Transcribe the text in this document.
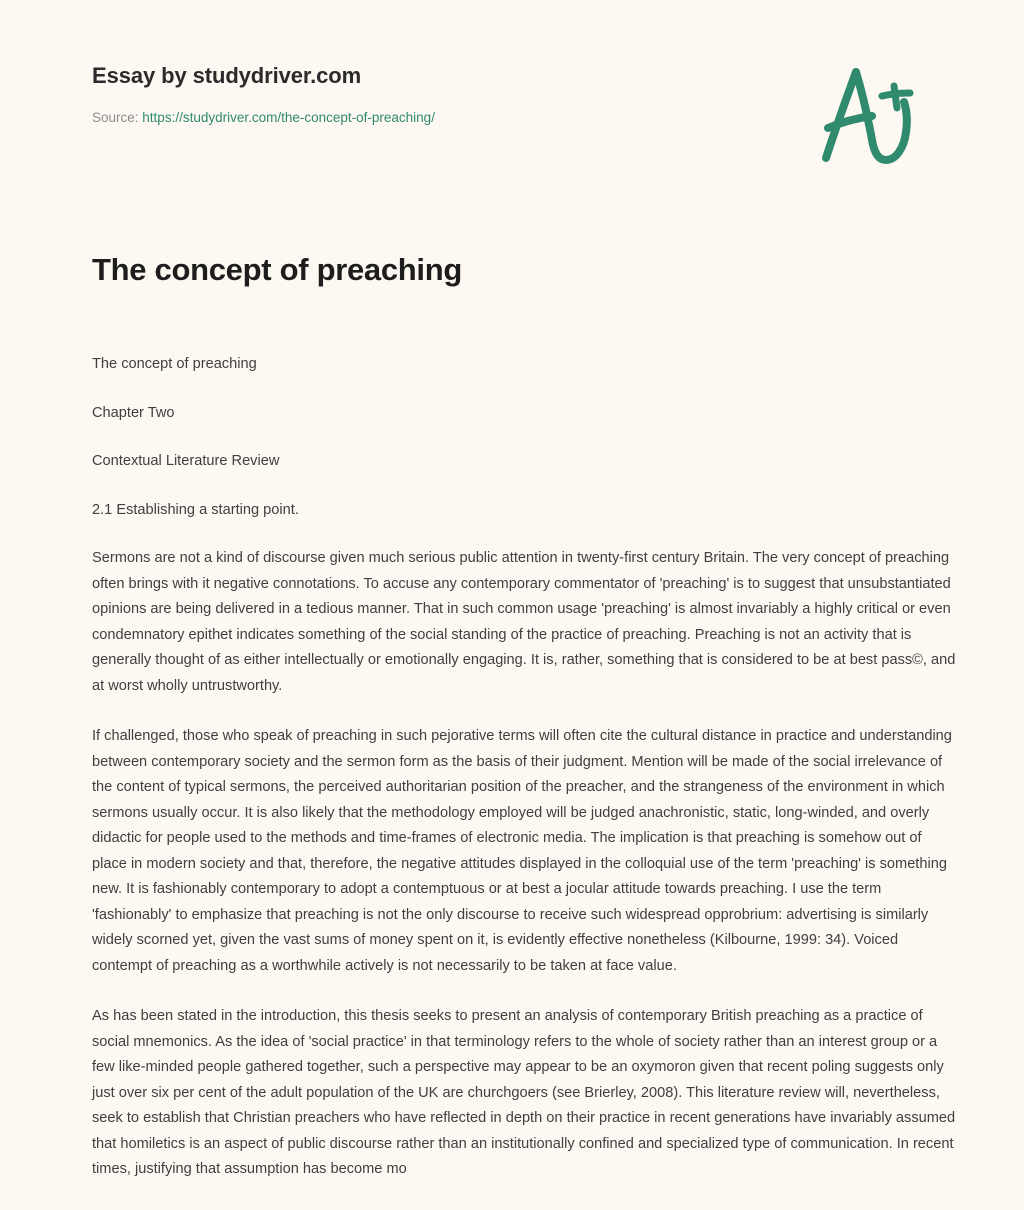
Essay by studydriver.com
Source: https://studydriver.com/the-concept-of-preaching/
The concept of preaching

The concept of preaching

Chapter Two

Contextual Literature Review

2.1 Establishing a starting point.

Sermons are not a kind of discourse given much serious public attention in twenty-first century Britain. The very concept of preaching often brings with it negative connotations. To accuse any contemporary commentator of 'preaching' is to suggest that unsubstantiated opinions are being delivered in a tedious manner. That in such common usage 'preaching' is almost invariably a highly critical or even condemnatory epithet indicates something of the social standing of the practice of preaching. Preaching is not an activity that is generally thought of as either intellectually or emotionally engaging. It is, rather, something that is considered to be at best pass©, and at worst wholly untrustworthy.

If challenged, those who speak of preaching in such pejorative terms will often cite the cultural distance in practice and understanding between contemporary society and the sermon form as the basis of their judgment. Mention will be made of the social irrelevance of the content of typical sermons, the perceived authoritarian position of the preacher, and the strangeness of the environment in which sermons usually occur. It is also likely that the methodology employed will be judged anachronistic, static, long-winded, and overly didactic for people used to the methods and time-frames of electronic media. The implication is that preaching is somehow out of place in modern society and that, therefore, the negative attitudes displayed in the colloquial use of the term 'preaching' is something new. It is fashionably contemporary to adopt a contemptuous or at best a jocular attitude towards preaching. I use the term 'fashionably' to emphasize that preaching is not the only discourse to receive such widespread opprobrium: advertising is similarly widely scorned yet, given the vast sums of money spent on it, is evidently effective nonetheless (Kilbourne, 1999: 34). Voiced contempt of preaching as a worthwhile actively is not necessarily to be taken at face value.

As has been stated in the introduction, this thesis seeks to present an analysis of contemporary British preaching as a practice of social mnemonics. As the idea of 'social practice' in that terminology refers to the whole of society rather than an interest group or a few like-minded people gathered together, such a perspective may appear to be an oxymoron given that recent poling suggests only just over six per cent of the adult population of the UK are churchgoers (see Brierley, 2008). This literature review will, nevertheless, seek to establish that Christian preachers who have reflected in depth on their practice in recent generations have invariably assumed that homiletics is an aspect of public discourse rather than an institutionally confined and specialized type of communication. In recent times, justifying that assumption has become mo
